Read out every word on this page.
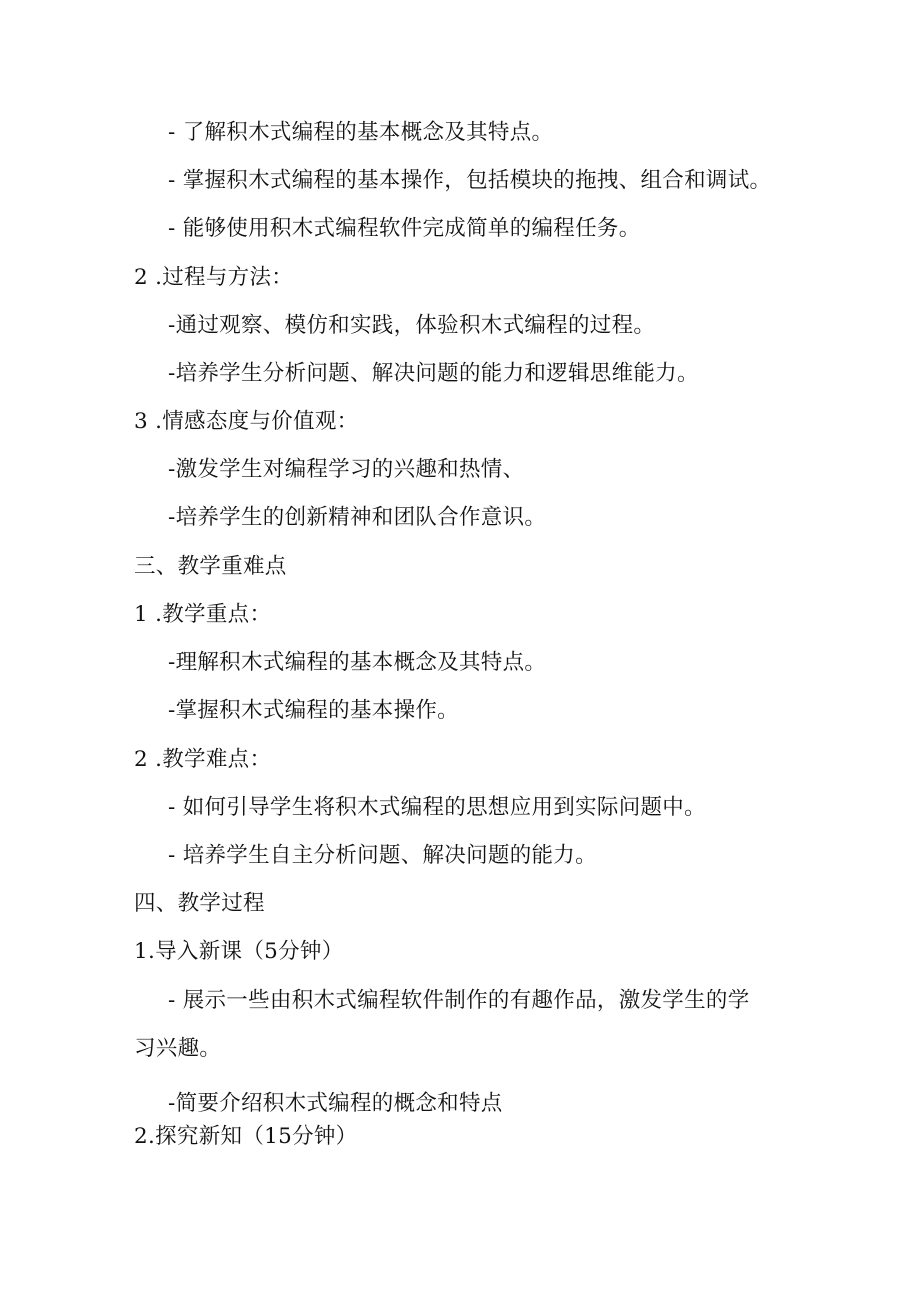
- 了解积木式编程的基本概念及其特点。
- 掌握积木式编程的基本操作，包括模块的拖拽、组合和调试。
- 能够使用积木式编程软件完成简单的编程任务。
2 .过程与方法：
-通过观察、模仿和实践，体验积木式编程的过程。
-培养学生分析问题、解决问题的能力和逻辑思维能力。
3 .情感态度与价值观：
-激发学生对编程学习的兴趣和热情、
-培养学生的创新精神和团队合作意识。
三、教学重难点
1 .教学重点：
-理解积木式编程的基本概念及其特点。
-掌握积木式编程的基本操作。
2 .教学难点：
- 如何引导学生将积木式编程的思想应用到实际问题中。
- 培养学生自主分析问题、解决问题的能力。
四、教学过程
1.导入新课（5分钟）
- 展示一些由积木式编程软件制作的有趣作品，激发学生的学
习兴趣。
-简要介绍积木式编程的概念和特点
2.探究新知（15分钟）
